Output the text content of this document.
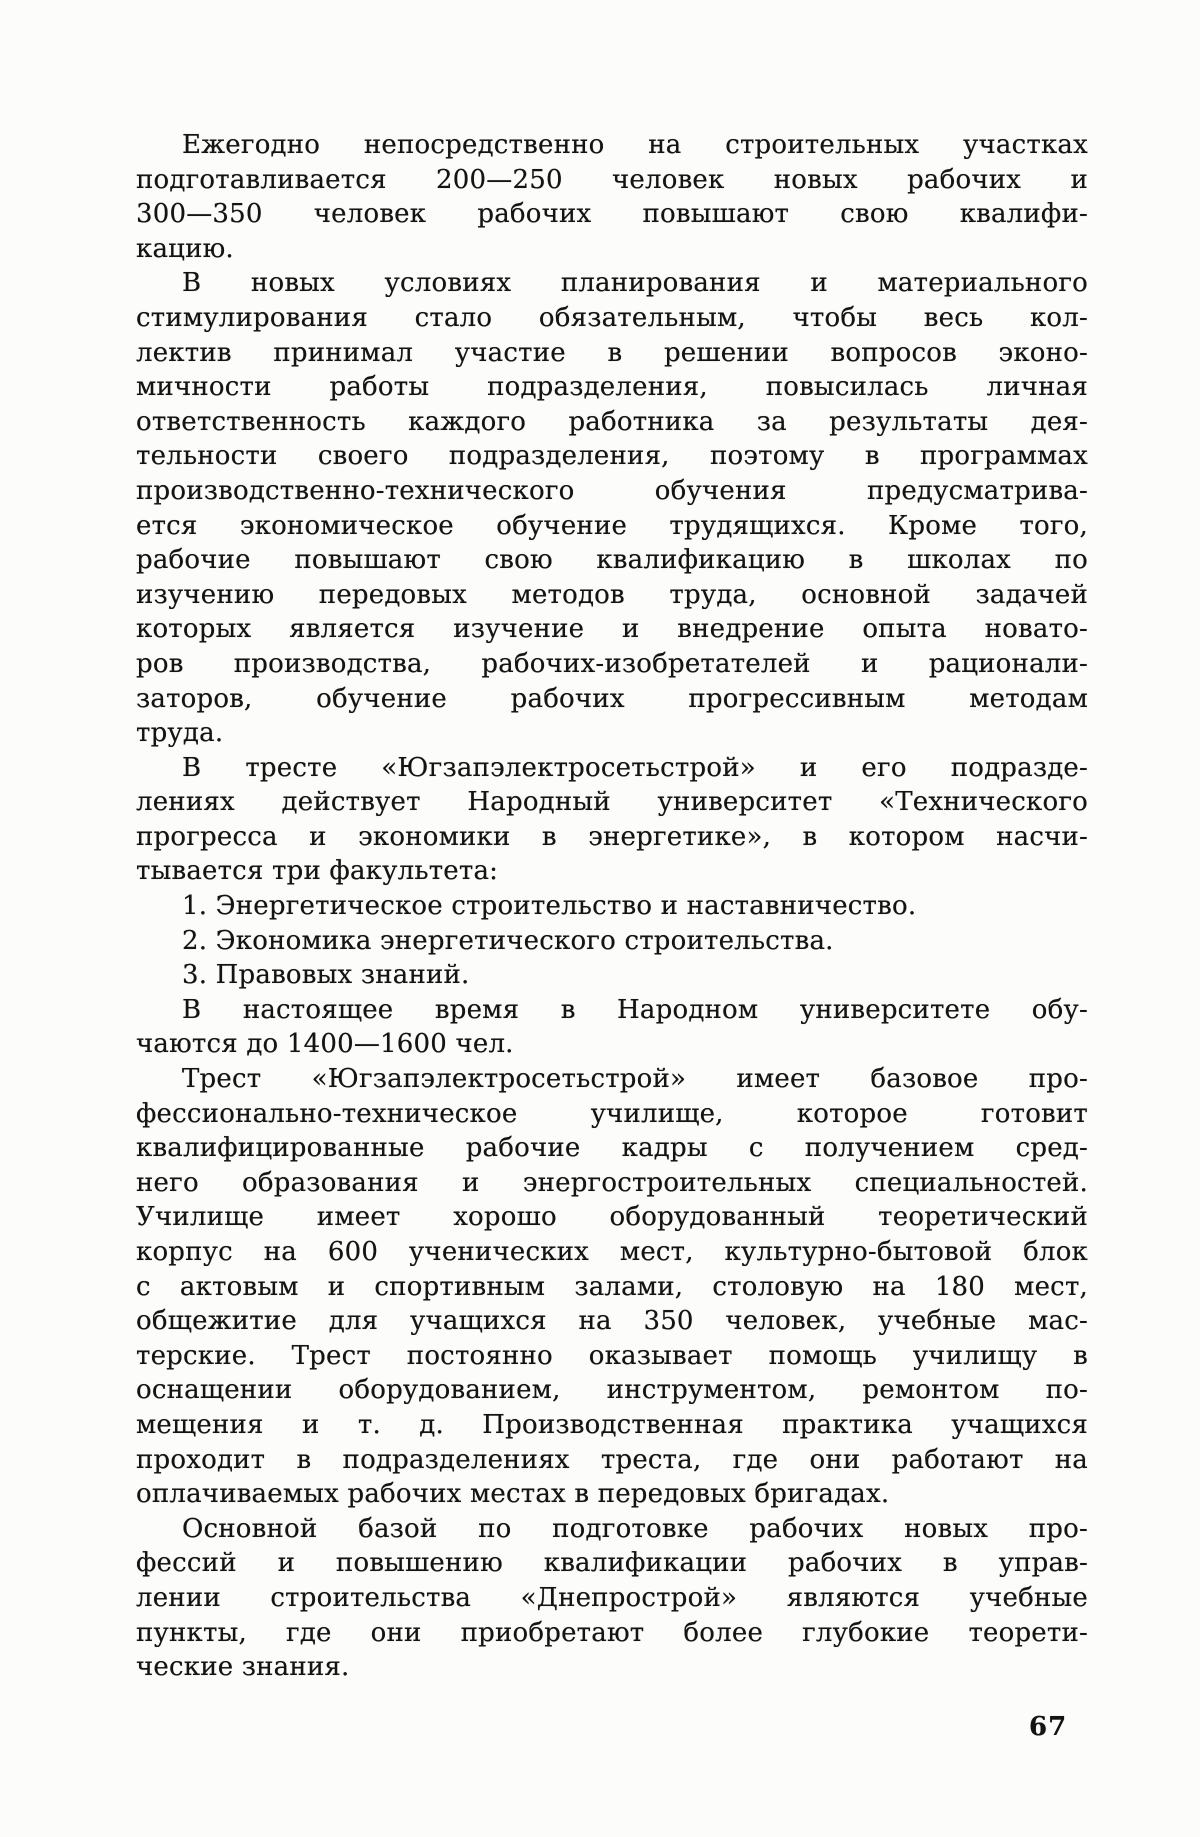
Ежегодно непосредственно на строительных участках
подготавливается 200—250 человек новых рабочих и
300—350 человек рабочих повышают свою квалифи-
кацию.
В новых условиях планирования и материального
стимулирования стало обязательным, чтобы весь кол-
лектив принимал участие в решении вопросов эконо-
мичности работы подразделения, повысилась личная
ответственность каждого работника за результаты дея-
тельности своего подразделения, поэтому в программах
производственно-технического обучения предусматрива-
ется экономическое обучение трудящихся. Кроме того,
рабочие повышают свою квалификацию в школах по
изучению передовых методов труда, основной задачей
которых является изучение и внедрение опыта новато-
ров производства, рабочих-изобретателей и рационали-
заторов, обучение рабочих прогрессивным методам
труда.
В тресте «Югзапэлектросетьстрой» и его подразде-
лениях действует Народный университет «Технического
прогресса и экономики в энергетике», в котором насчи-
тывается три факультета:
1. Энергетическое строительство и наставничество.
2. Экономика энергетического строительства.
3. Правовых знаний.
В настоящее время в Народном университете обу-
чаются до 1400—1600 чел.
Трест «Югзапэлектросетьстрой» имеет базовое про-
фессионально-техническое училище, которое готовит
квалифицированные рабочие кадры с получением сред-
него образования и энергостроительных специальностей.
Училище имеет хорошо оборудованный теоретический
корпус на 600 ученических мест, культурно-бытовой блок
с актовым и спортивным залами, столовую на 180 мест,
общежитие для учащихся на 350 человек, учебные мас-
терские. Трест постоянно оказывает помощь училищу в
оснащении оборудованием, инструментом, ремонтом по-
мещения и т. д. Производственная практика учащихся
проходит в подразделениях треста, где они работают на
оплачиваемых рабочих местах в передовых бригадах.
Основной базой по подготовке рабочих новых про-
фессий и повышению квалификации рабочих в управ-
лении строительства «Днепрострой» являются учебные
пункты, где они приобретают более глубокие теорети-
ческие знания.
67
